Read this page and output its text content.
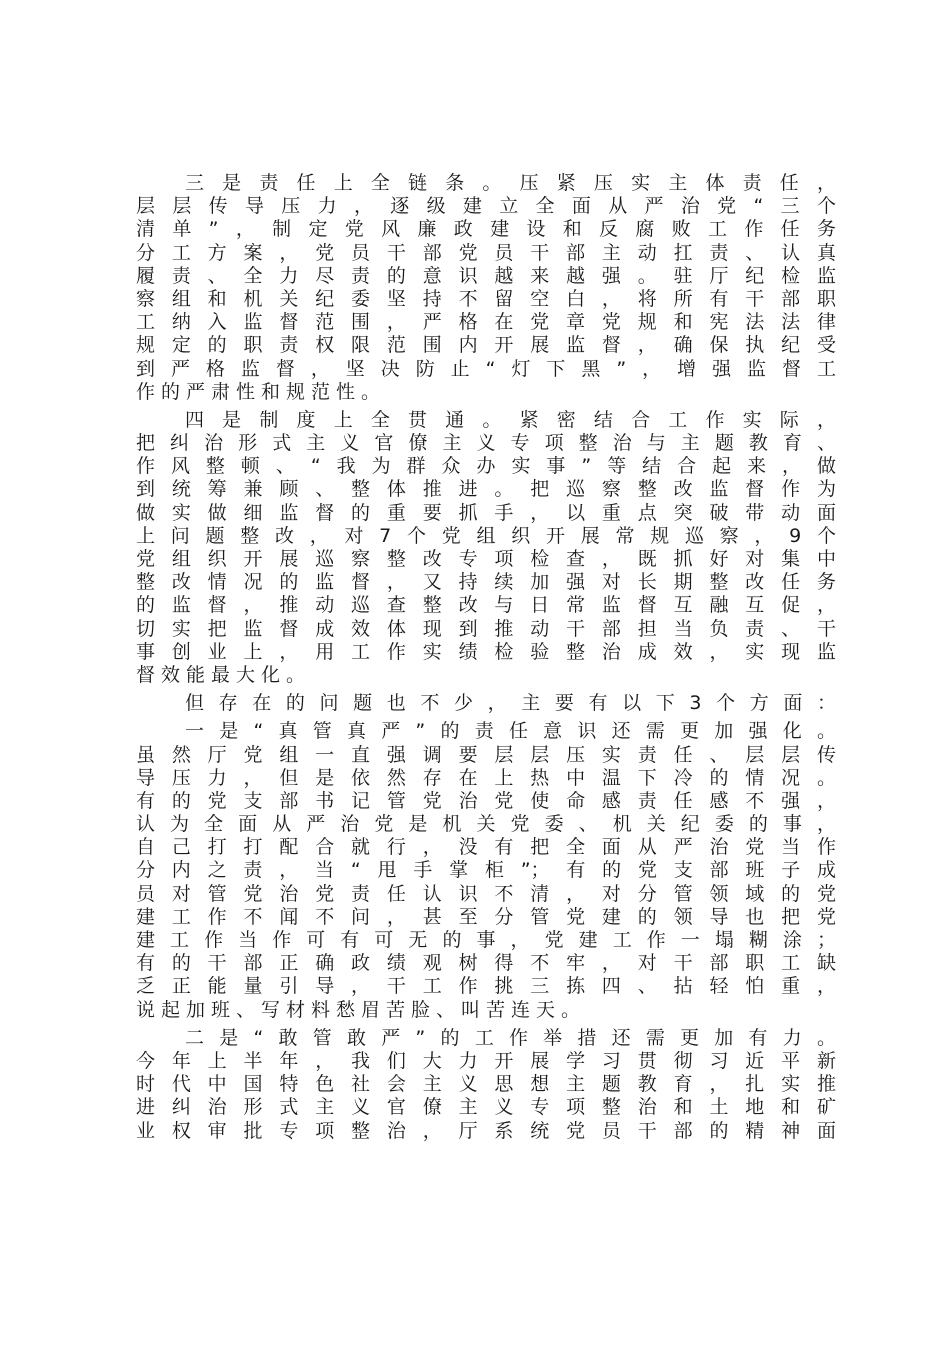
三是责任上全链条。压紧压实主体责任，
层层传导压力，逐级建立全面从严治党“三个
清单”，制定党风廉政建设和反腐败工作任务
分工方案，党员干部党员干部主动扛责、认真
履责、全力尽责的意识越来越强。驻厅纪检监
察组和机关纪委坚持不留空白，将所有干部职
工纳入监督范围，严格在党章党规和宪法法律
规定的职责权限范围内开展监督，确保执纪受
到严格监督，坚决防止“灯下黑”，增强监督工
作的严肃性和规范性。
四是制度上全贯通。紧密结合工作实际，
把纠治形式主义官僚主义专项整治与主题教育、
作风整顿、“我为群众办实事”等结合起来，做
到统筹兼顾、整体推进。把巡察整改监督作为
做实做细监督的重要抓手，以重点突破带动面
上问题整改，对7个党组织开展常规巡察，9个
党组织开展巡察整改专项检查，既抓好对集中
整改情况的监督，又持续加强对长期整改任务
的监督，推动巡查整改与日常监督互融互促，
切实把监督成效体现到推动干部担当负责、干
事创业上，用工作实绩检验整治成效，实现监
督效能最大化。
但存在的问题也不少，主要有以下3个方面：
一是“真管真严”的责任意识还需更加强化。
虽然厅党组一直强调要层层压实责任、层层传
导压力，但是依然存在上热中温下冷的情况。
有的党支部书记管党治党使命感责任感不强，
认为全面从严治党是机关党委、机关纪委的事，
自己打打配合就行，没有把全面从严治党当作
分内之责，当“甩手掌柜”；有的党支部班子成
员对管党治党责任认识不清，对分管领域的党
建工作不闻不问，甚至分管党建的领导也把党
建工作当作可有可无的事，党建工作一塌糊涂；
有的干部正确政绩观树得不牢，对干部职工缺
乏正能量引导，干工作挑三拣四、拈轻怕重，
说起加班、写材料愁眉苦脸、叫苦连天。
二是“敢管敢严”的工作举措还需更加有力。
今年上半年，我们大力开展学习贯彻习近平新
时代中国特色社会主义思想主题教育，扎实推
进纠治形式主义官僚主义专项整治和土地和矿
业权审批专项整治，厅系统党员干部的精神面
